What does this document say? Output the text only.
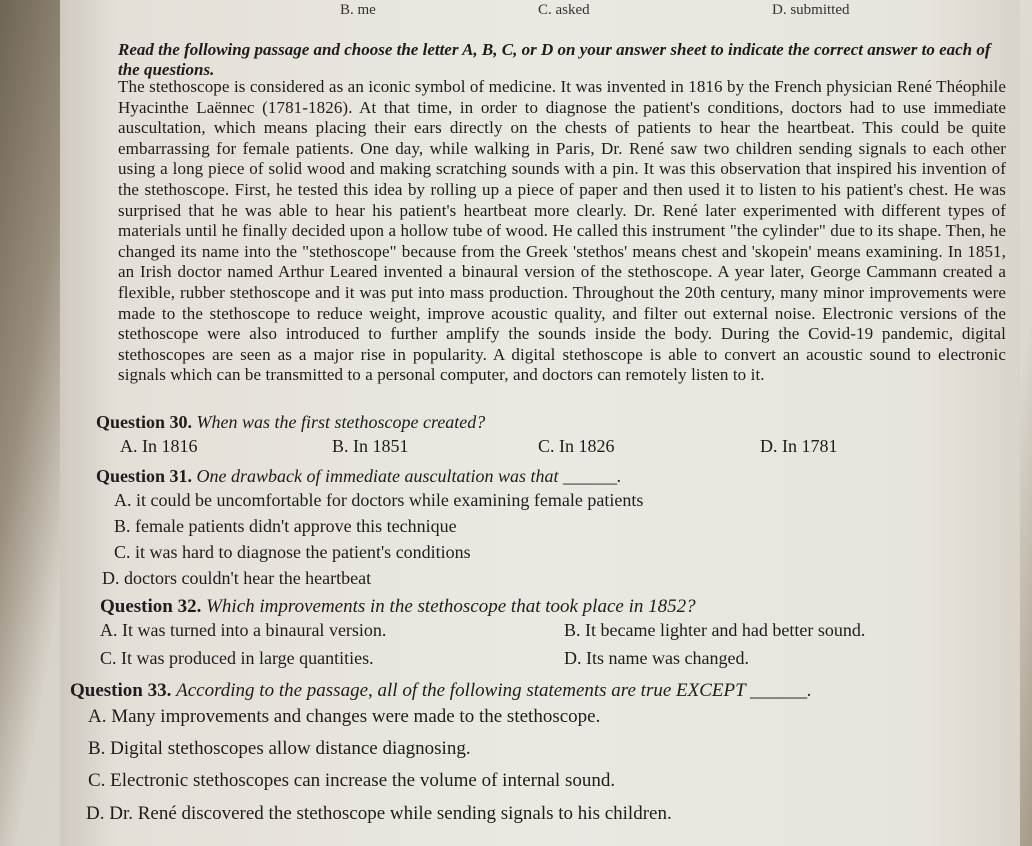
B. me	C. asked	D. submitted
Read the following passage and choose the letter A, B, C, or D on your answer sheet to indicate the correct answer to each of the questions.
The stethoscope is considered as an iconic symbol of medicine. It was invented in 1816 by the French physician René Théophile Hyacinthe Laënnec (1781-1826). At that time, in order to diagnose the patient's conditions, doctors had to use immediate auscultation, which means placing their ears directly on the chests of patients to hear the heartbeat. This could be quite embarrassing for female patients. One day, while walking in Paris, Dr. René saw two children sending signals to each other using a long piece of solid wood and making scratching sounds with a pin. It was this observation that inspired his invention of the stethoscope. First, he tested this idea by rolling up a piece of paper and then used it to listen to his patient's chest. He was surprised that he was able to hear his patient's heartbeat more clearly. Dr. René later experimented with different types of materials until he finally decided upon a hollow tube of wood. He called this instrument "the cylinder" due to its shape. Then, he changed its name into the "stethoscope" because from the Greek 'stethos' means chest and 'skopein' means examining. In 1851, an Irish doctor named Arthur Leared invented a binaural version of the stethoscope. A year later, George Cammann created a flexible, rubber stethoscope and it was put into mass production. Throughout the 20th century, many minor improvements were made to the stethoscope to reduce weight, improve acoustic quality, and filter out external noise. Electronic versions of the stethoscope were also introduced to further amplify the sounds inside the body. During the Covid-19 pandemic, digital stethoscopes are seen as a major rise in popularity. A digital stethoscope is able to convert an acoustic sound to electronic signals which can be transmitted to a personal computer, and doctors can remotely listen to it.
Question 30. When was the first stethoscope created?
A. In 1816	B. In 1851	C. In 1826	D. In 1781
Question 31. One drawback of immediate auscultation was that ______.
A. it could be uncomfortable for doctors while examining female patients
B. female patients didn't approve this technique
C. it was hard to diagnose the patient's conditions
D. doctors couldn't hear the heartbeat
Question 32. Which improvements in the stethoscope that took place in 1852?
A. It was turned into a binaural version.	B. It became lighter and had better sound.
C. It was produced in large quantities.	D. Its name was changed.
Question 33. According to the passage, all of the following statements are true EXCEPT ______.
A. Many improvements and changes were made to the stethoscope.
B. Digital stethoscopes allow distance diagnosing.
C. Electronic stethoscopes can increase the volume of internal sound.
D. Dr. René discovered the stethoscope while sending signals to his children.
